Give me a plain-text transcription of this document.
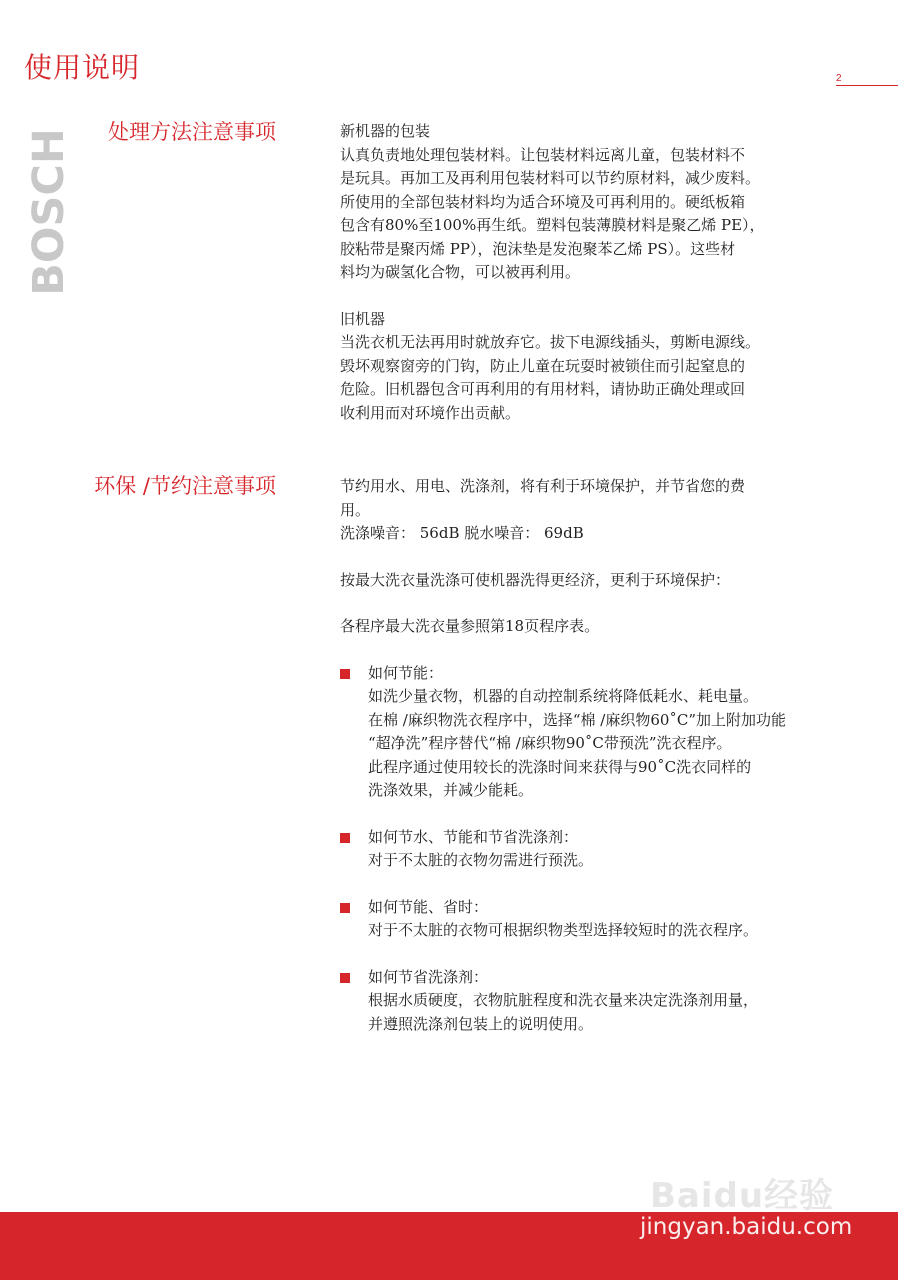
使用说明	2
BOSCH 处理方法注意事项
环保 /节约注意事项

新机器的包装
认真负责地处理包装材料。让包装材料远离儿童，包装材料不
是玩具。再加工及再利用包装材料可以节约原材料，减少废料。
所使用的全部包装材料均为适合环境及可再利用的。硬纸板箱
包含有80%至100%再生纸。塑料包装薄膜材料是聚乙烯 PE），
胶粘带是聚丙烯 PP），泡沫垫是发泡聚苯乙烯 PS）。这些材
料均为碳氢化合物，可以被再利用。

旧机器
当洗衣机无法再用时就放弃它。拔下电源线插头，剪断电源线。
毁坏观察窗旁的门钩，防止儿童在玩耍时被锁住而引起窒息的
危险。旧机器包含可再利用的有用材料，请协助正确处理或回
收利用而对环境作出贡献。

节约用水、用电、洗涤剂，将有利于环境保护，并节省您的费
用。
洗涤噪音： 56dB 脱水噪音： 69dB

按最大洗衣量洗涤可使机器洗得更经济，更利于环境保护：

各程序最大洗衣量参照第18页程序表。

如何节能：
如洗少量衣物，机器的自动控制系统将降低耗水、耗电量。
在棉 /麻织物洗衣程序中，选择“棉 /麻织物60˚C”加上附加功能
“超净洗”程序替代“棉 /麻织物90˚C带预洗”洗衣程序。
此程序通过使用较长的洗涤时间来获得与90˚C洗衣同样的
洗涤效果，并减少能耗。
如何节水、节能和节省洗涤剂：
对于不太脏的衣物勿需进行预洗。
如何节能、省时：
对于不太脏的衣物可根据织物类型选择较短时的洗衣程序。
如何节省洗涤剂：
根据水质硬度，衣物肮脏程度和洗衣量来决定洗涤剂用量，
并遵照洗涤剂包装上的说明使用。
Baidu经验
jingyan.baidu.com
